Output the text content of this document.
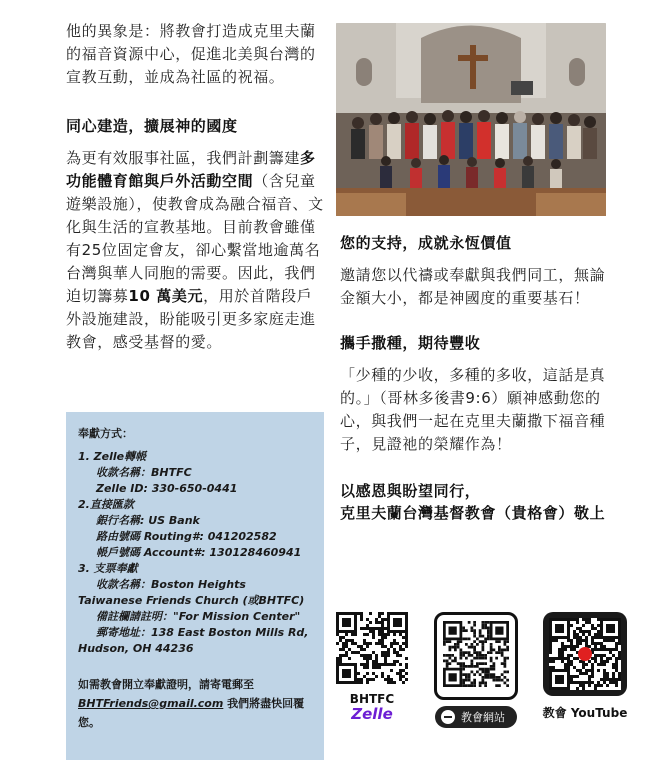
他的異象是：將教會打造成克里夫蘭的福音資源中心，促進北美與台灣的宣教互動，並成為社區的祝福。

同心建造，擴展神的國度

為更有效服事社區，我們計劃籌建多功能體育館與戶外活動空間（含兒童遊樂設施），使教會成為融合福音、文化與生活的宣教基地。目前教會雖僅有25位固定會友，卻心繫當地逾萬名台灣與華人同胞的需要。因此，我們迫切籌募10 萬美元，用於首階段戶外設施建設，盼能吸引更多家庭走進教會，感受基督的愛。

奉獻方式：
1. Zelle轉帳
收款名稱：BHTFC
Zelle ID: 330-650-0441
2.直接匯款
銀行名稱: US Bank
路由號碼 Routing#: 041202582
帳戶號碼 Account#: 130128460941
3. 支票奉獻
收款名稱：Boston Heights
Taiwanese Friends Church (或BHTFC)
備註欄請註明："For Mission Center"
郵寄地址：138 East Boston Mills Rd,
Hudson, OH 44236
如需教會開立奉獻證明，請寄電郵至
BHTFriends@gmail.com 我們將盡快回覆您。
您的支持，成就永恆價值

邀請您以代禱或奉獻與我們同工，無論金額大小，都是神國度的重要基石！

攜手撒種，期待豐收

「少種的少收，多種的多收，這話是真的。」（哥林多後書9:6）願神感動您的心，與我們一起在克里夫蘭撒下福音種子，見證祂的榮耀作為！

以感恩與盼望同行，
克里夫蘭台灣基督教會（貴格會）敬上
BHTFC
Zelle	教會網站	教會 YouTube
